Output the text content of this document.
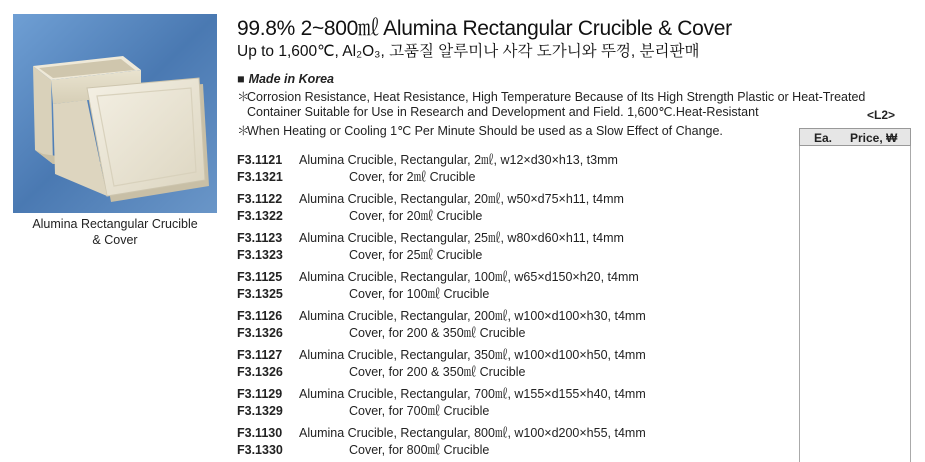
Alumina Rectangular Crucible
& Cover
99.8% 2~800㎖ Alumina Rectangular Crucible & Cover
Up to 1,600℃, Al₂O₃, 고품질 알루미나 사각 도가니와 뚜껑, 분리판매
■ Made in Korea
＊Corrosion Resistance, Heat Resistance, High Temperature Because of Its High Strength Plastic or Heat-Treated
Container Suitable for Use in Research and Development and Field. 1,600℃.Heat-Resistant
＊When Heating or Cooling 1℃ Per Minute Should be used as a Slow Effect of Change.
<L2>
Ea. Price, ₩
F3.1121 Alumina Crucible, Rectangular, 2㎖, w12×d30×h13, t3mm
F3.1321	Cover, for 2㎖ Crucible
F3.1122 Alumina Crucible, Rectangular, 20㎖, w50×d75×h11, t4mm
F3.1322	Cover, for 20㎖ Crucible
F3.1123 Alumina Crucible, Rectangular, 25㎖, w80×d60×h11, t4mm
F3.1323	Cover, for 25㎖ Crucible
F3.1125 Alumina Crucible, Rectangular, 100㎖, w65×d150×h20, t4mm
F3.1325	Cover, for 100㎖ Crucible
F3.1126 Alumina Crucible, Rectangular, 200㎖, w100×d100×h30, t4mm
F3.1326	Cover, for 200 & 350㎖ Crucible
F3.1127 Alumina Crucible, Rectangular, 350㎖, w100×d100×h50, t4mm
F3.1326	Cover, for 200 & 350㎖ Crucible
F3.1129 Alumina Crucible, Rectangular, 700㎖, w155×d155×h40, t4mm
F3.1329	Cover, for 700㎖ Crucible
F3.1130 Alumina Crucible, Rectangular, 800㎖, w100×d200×h55, t4mm
F3.1330	Cover, for 800㎖ Crucible
